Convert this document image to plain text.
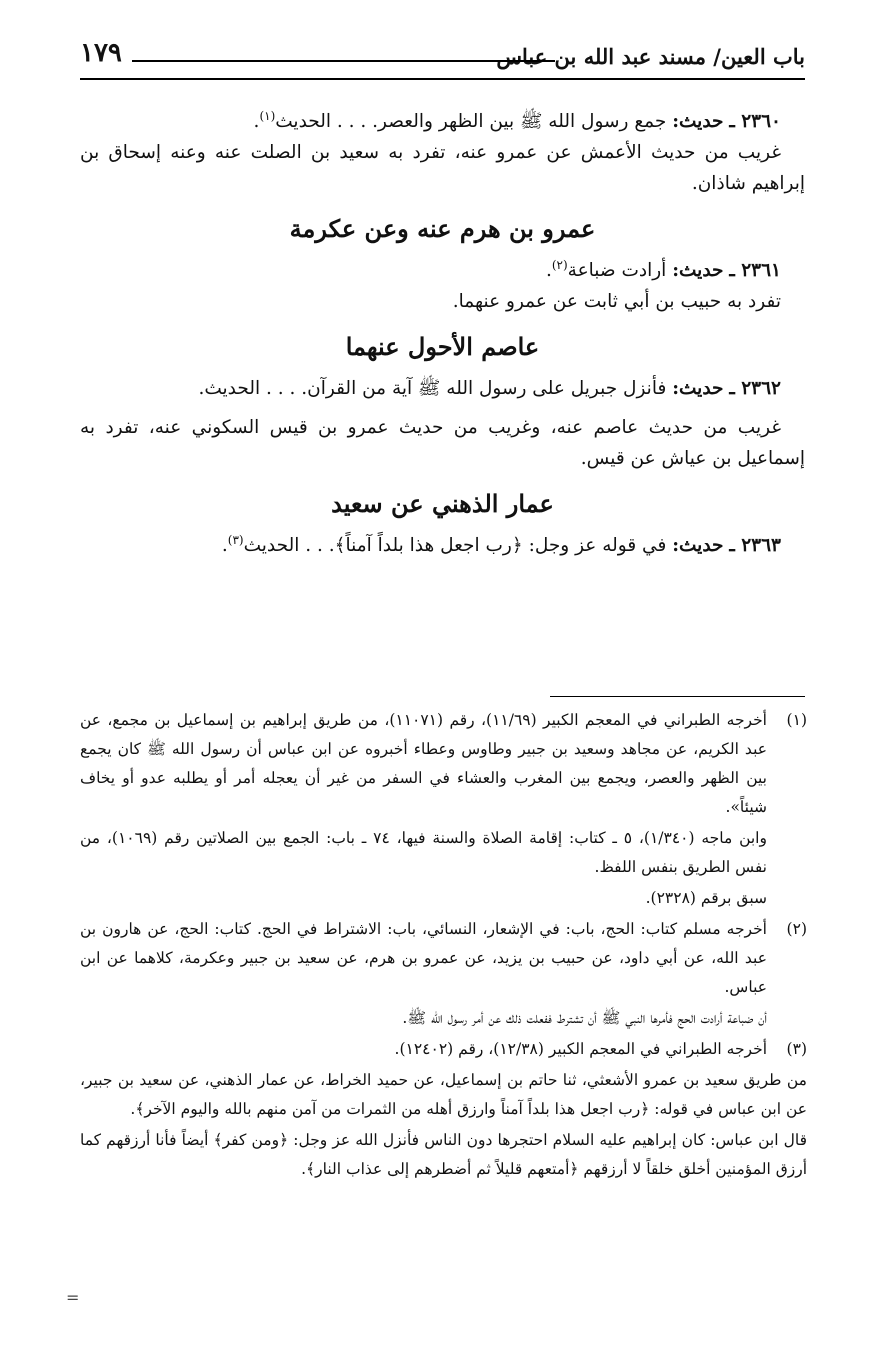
باب العين/ مسند عبد الله بن عباس
١٧٩

٢٣٦٠ ـ حديث: جمع رسول الله ﷺ بين الظهر والعصر. . . . الحديث$^{(١)}$.

غريب من حديث الأعمش عن عمرو عنه، تفرد به سعيد بن الصلت عنه وعنه إسحاق بن إبراهيم شاذان.

عمرو بن هرم عنه وعن عكرمة

٢٣٦١ ـ حديث: أرادت ضباعة$^{(٢)}$.

تفرد به حبيب بن أبي ثابت عن عمرو عنهما.

عاصم الأحول عنهما

٢٣٦٢ ـ حديث: فأنزل جبريل على رسول الله ﷺ آية من القرآن. . . . الحديث.

غريب من حديث عاصم عنه، وغريب من حديث عمرو بن قيس السكوني عنه، تفرد به إسماعيل بن عياش عن قيس.

عمار الذهني عن سعيد

٢٣٦٣ ـ حديث: في قوله عز وجل: ﴿رب اجعل هذا بلداً آمناً﴾. . . الحديث$^{(٣)}$.

(١)

أخرجه الطبراني في المعجم الكبير (١١/٦٩)، رقم (١١٠٧١)، من طريق إبراهيم بن إسماعيل بن مجمع، عن عبد الكريم، عن مجاهد وسعيد بن جبير وطاوس وعطاء أخبروه عن ابن عباس أن رسول الله ﷺ كان يجمع بين الظهر والعصر، ويجمع بين المغرب والعشاء في السفر من غير أن يعجله أمر أو يطلبه عدو أو يخاف شيئاً».

وابن ماجه (١/٣٤٠)، ٥ ـ كتاب: إقامة الصلاة والسنة فيها، ٧٤ ـ باب: الجمع بين الصلاتين رقم (١٠٦٩)، من نفس الطريق بنفس اللفظ.

سبق برقم (٢٣٢٨).

(٢)

أخرجه مسلم كتاب: الحج، باب: في الإشعار، النسائي، باب: الاشتراط في الحج. كتاب: الحج، عن هارون بن عبد الله، عن أبي داود، عن حبيب بن يزيد، عن عمرو بن هرم، عن سعيد بن جبير وعكرمة، كلاهما عن ابن عباس.

أن ضباعة أرادت الحج فأمرها النبي ﷺ أن تشترط ففعلت ذلك عن أمر رسول الله ﷺ.

(٣)

أخرجه الطبراني في المعجم الكبير (١٢/٣٨)، رقم (١٢٤٠٢).

من طريق سعيد بن عمرو الأشعثي، ثنا حاتم بن إسماعيل، عن حميد الخراط، عن عمار الذهني، عن سعيد بن جبير، عن ابن عباس في قوله: ﴿رب اجعل هذا بلداً آمناً وارزق أهله من الثمرات من آمن منهم بالله واليوم الآخر﴾.

قال ابن عباس: كان إبراهيم عليه السلام احتجرها دون الناس فأنزل الله عز وجل: ﴿ومن كفر﴾ أيضاً فأنا أرزقهم كما أرزق المؤمنين أخلق خلقاً لا أرزقهم ﴿أمتعهم قليلاً ثم أضطرهم إلى عذاب النار﴾.

=
